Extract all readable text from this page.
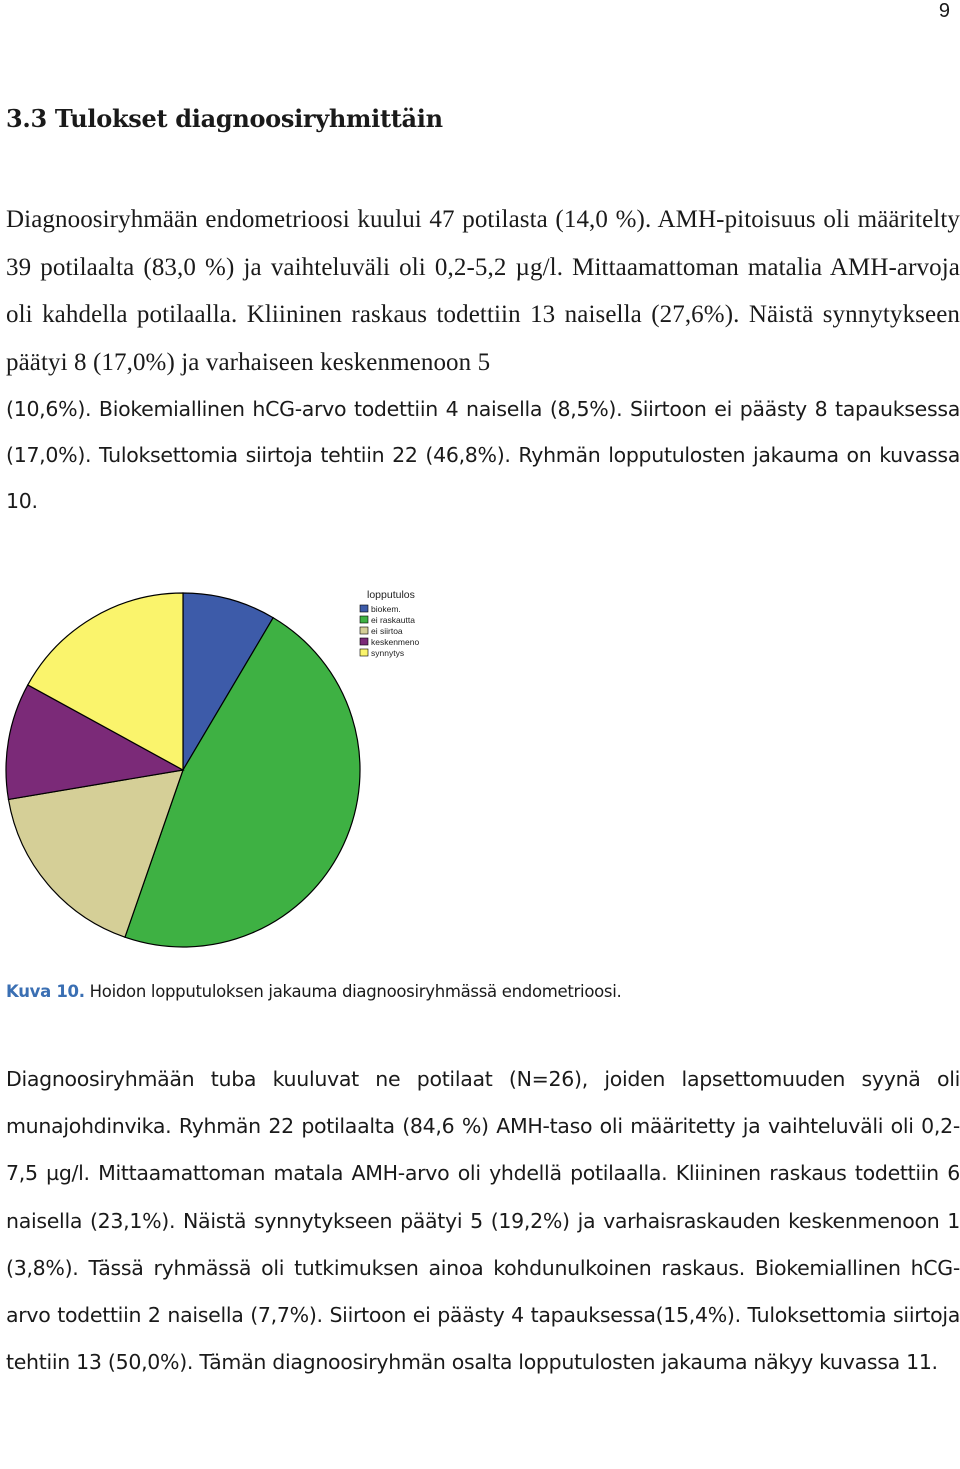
9
3.3 Tulokset diagnoosiryhmittäin

Diagnoosiryhmään endometrioosi kuului 47 potilasta (14,0 %). AMH-pitoisuus oli määritelty 39 potilaalta (83,0 %) ja vaihteluväli oli 0,2-5,2 µg/l. Mittaamattoman matalia AMH-arvoja oli kahdella potilaalla. Kliininen raskaus todettiin 13 naisella (27,6%). Näistä synnytykseen päätyi 8 (17,0%) ja varhaiseen keskenmenoon 5

(10,6%). Biokemiallinen hCG-arvo todettiin 4 naisella (8,5%). Siirtoon ei päästy 8 tapauksessa (17,0%). Tuloksettomia siirtoja tehtiin 22 (46,8%). Ryhmän lopputulosten jakauma on kuvassa 10.

lopputulos
biokem.
ei raskautta
ei siirtoa
keskenmeno
synnytys

Kuva 10. Hoidon lopputuloksen jakauma diagnoosiryhmässä endometrioosi.

Diagnoosiryhmään tuba kuuluvat ne potilaat (N=26), joiden lapsettomuuden syynä oli munajohdinvika. Ryhmän 22 potilaalta (84,6 %) AMH-taso oli määritetty ja vaihteluväli oli 0,2-7,5 µg/l. Mittaamattoman matala AMH-arvo oli yhdellä potilaalla. Kliininen raskaus todettiin 6 naisella (23,1%). Näistä synnytykseen päätyi 5 (19,2%) ja varhaisraskauden keskenmenoon 1 (3,8%). Tässä ryhmässä oli tutkimuksen ainoa kohdunulkoinen raskaus. Biokemiallinen hCG-arvo todettiin 2 naisella (7,7%). Siirtoon ei päästy 4 tapauksessa(15,4%). Tuloksettomia siirtoja tehtiin 13 (50,0%). Tämän diagnoosiryhmän osalta lopputulosten jakauma näkyy kuvassa 11.
